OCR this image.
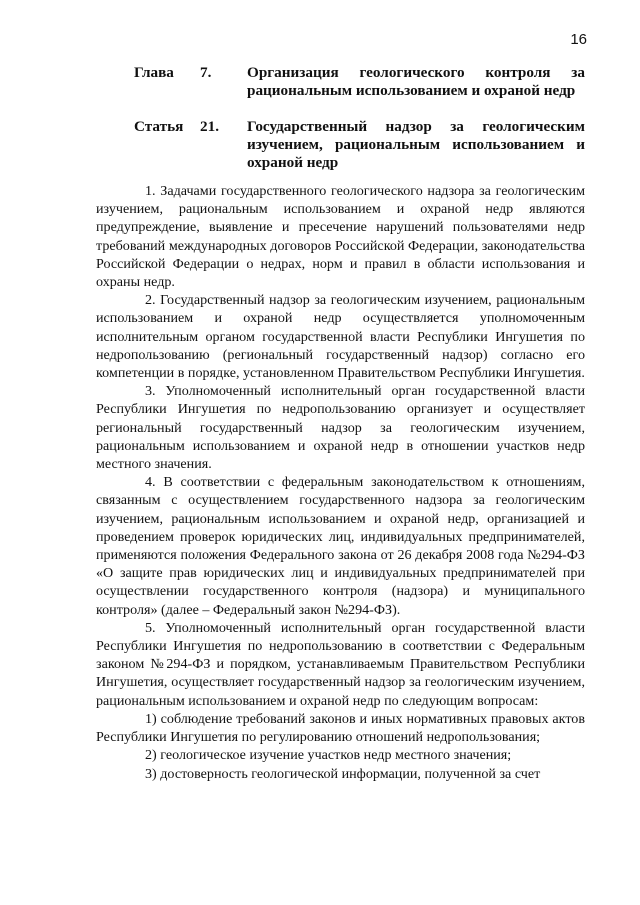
16
Глава	7.	Организация геологического контроля за рациональным использованием и охраной недр
Статья	21.	Государственный надзор за геологическим изучением, рациональным использованием и охраной недр

1. Задачами государственного геологического надзора за геологическим изучением, рациональным использованием и охраной недр являются предупреждение, выявление и пресечение нарушений пользователями недр требований международных договоров Российской Федерации, законодательства Российской Федерации о недрах, норм и правил в области использования и охраны недр.

2. Государственный надзор за геологическим изучением, рациональным использованием и охраной недр осуществляется уполномоченным исполнительным органом государственной власти Республики Ингушетия по недропользованию (региональный государственный надзор) согласно его компетенции в порядке, установленном Правительством Республики Ингушетия.

3. Уполномоченный исполнительный орган государственной власти Республики Ингушетия по недропользованию организует и осуществляет региональный государственный надзор за геологическим изучением, рациональным использованием и охраной недр в отношении участков недр местного значения.

4. В соответствии с федеральным законодательством к отношениям, связанным с осуществлением государственного надзора за геологическим изучением, рациональным использованием и охраной недр, организацией и проведением проверок юридических лиц, индивидуальных предпринимателей, применяются положения Федерального закона от 26 декабря 2008 года №294-ФЗ «О защите прав юридических лиц и индивидуальных предпринимателей при осуществлении государственного контроля (надзора) и муниципального контроля» (далее – Федеральный закон №294-ФЗ).

5. Уполномоченный исполнительный орган государственной власти Республики Ингушетия по недропользованию в соответствии с Федеральным законом №294-ФЗ и порядком, устанавливаемым Правительством Республики Ингушетия, осуществляет государственный надзор за геологическим изучением, рациональным использованием и охраной недр по следующим вопросам:

1) соблюдение требований законов и иных нормативных правовых актов Республики Ингушетия по регулированию отношений недропользования;

2) геологическое изучение участков недр местного значения;

3) достоверность геологической информации, полученной за счет
